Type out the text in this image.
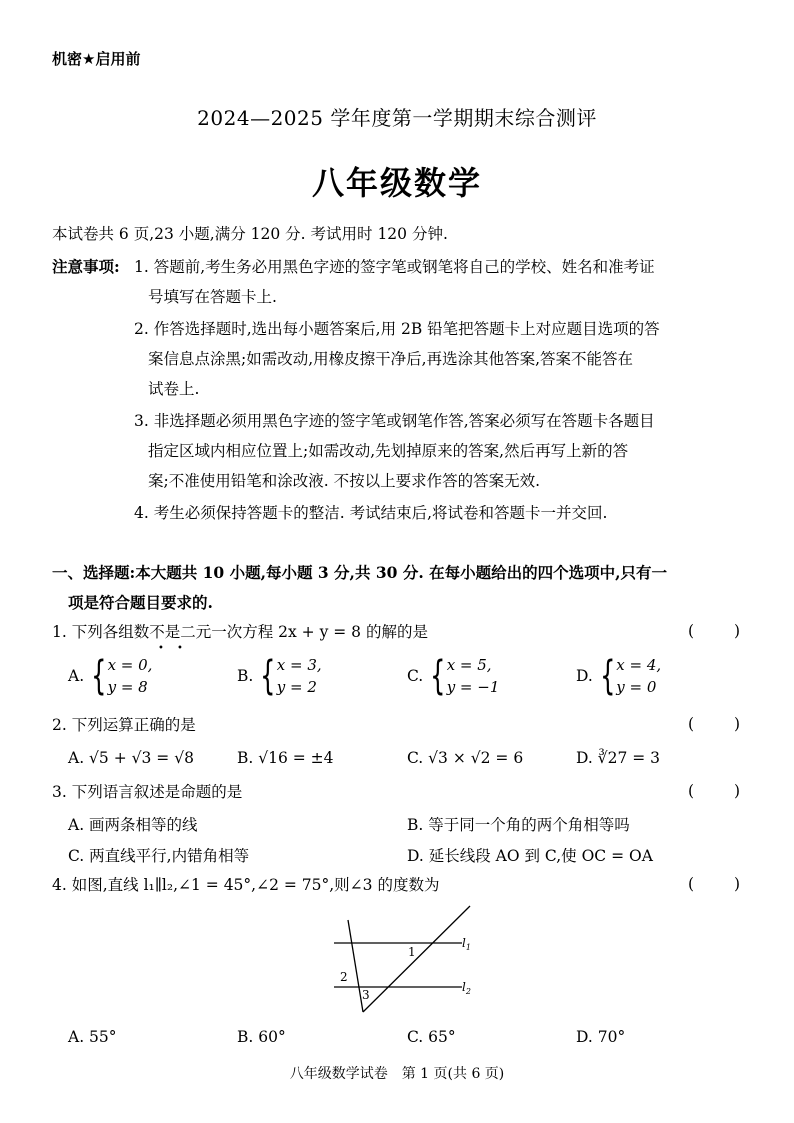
机密★启用前
2024—2025 学年度第一学期期末综合测评
八年级数学
本试卷共 6 页,23 小题,满分 120 分. 考试用时 120 分钟.
注意事项: 1. 答题前,考生务必用黑色字迹的签字笔或钢笔将自己的学校、姓名和准考证
号填写在答题卡上.
2. 作答选择题时,选出每小题答案后,用 2B 铅笔把答题卡上对应题目选项的答
案信息点涂黑;如需改动,用橡皮擦干净后,再选涂其他答案,答案不能答在
试卷上.
3. 非选择题必须用黑色字迹的签字笔或钢笔作答,答案必须写在答题卡各题目
指定区域内相应位置上;如需改动,先划掉原来的答案,然后再写上新的答
案;不准使用铅笔和涂改液. 不按以上要求作答的答案无效.
4. 考生必须保持答题卡的整洁. 考试结束后,将试卷和答题卡一并交回.
一、选择题:本大题共 10 小题,每小题 3 分,共 30 分. 在每小题给出的四个选项中,只有一
项是符合题目要求的.
1. 下列各组数不是二元一次方程 2x + y = 8 的解的是
• •
(	)
A. { x = 0,
y = 8
B. { x = 3,
y = 2
C. { x = 5,
y = −1
D. { x = 4,
y = 0
2. 下列运算正确的是	(	)
A. √5 + √3 = √8	B. √16 = ±4	C. √3 × √2 = 6	D. ∛27 = 3
3. 下列语言叙述是命题的是	(	)
A. 画两条相等的线	B. 等于同一个角的两个角相等吗
C. 两直线平行,内错角相等	D. 延长线段 AO 到 C,使 OC = OA
4. 如图,直线 l₁∥l₂,∠1 = 45°,∠2 = 75°,则∠3 的度数为	(	)
1
2
3
$l_1$
$l_2$
A. 55°	B. 60°	C. 65°	D. 70°
八年级数学试卷　第 1 页(共 6 页)
